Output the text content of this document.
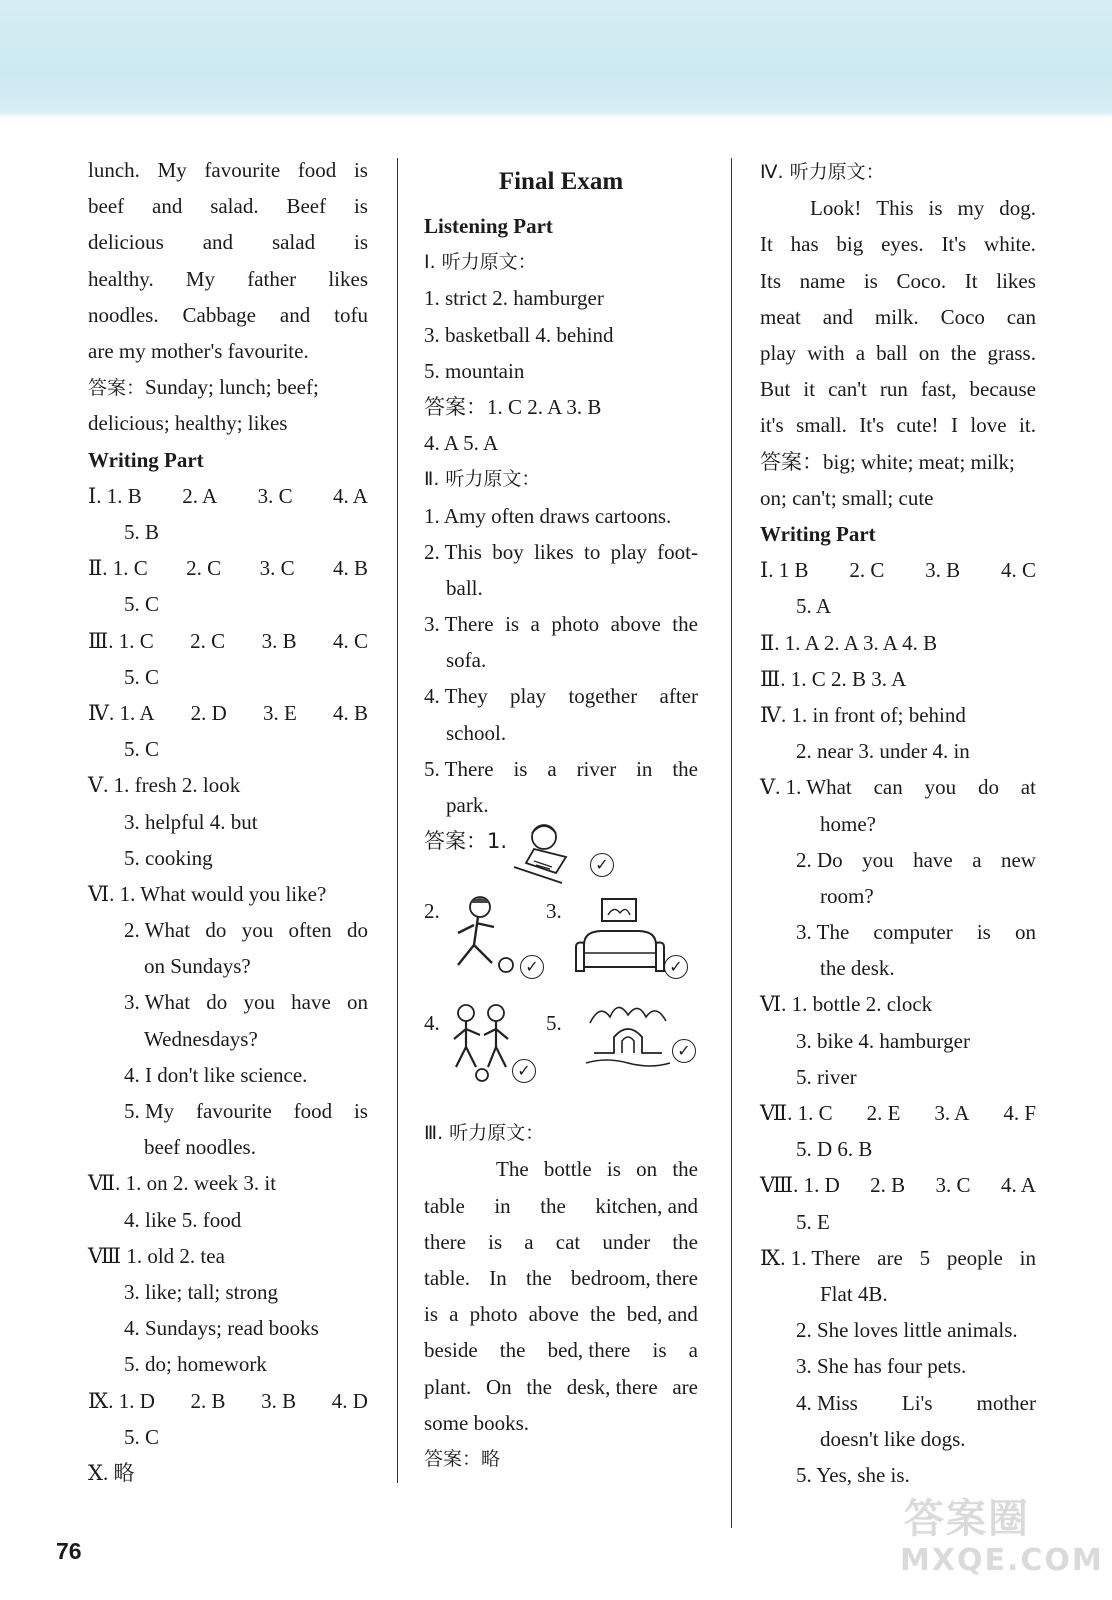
lunch. My favourite food is
beef and salad. Beef is
delicious and salad is
healthy. My father likes
noodles. Cabbage and tofu
are my mother's favourite.
答案：Sunday; lunch; beef;
delicious; healthy; likes
Writing Part
Ⅰ. 1. B 2. A 3. C 4. A
5. B
Ⅱ. 1. C 2. C 3. C 4. B
5. C
Ⅲ. 1. C 2. C 3. B 4. C
5. C
Ⅳ. 1. A 2. D 3. E 4. B
5. C
Ⅴ. 1. fresh 2. look
3. helpful 4. but
5. cooking
Ⅵ. 1. What would you like?
2. What do you often do
on Sundays?
3. What do you have on
Wednesdays?
4. I don't like science.
5. My favourite food is
beef noodles.
Ⅶ. 1. on 2. week 3. it
4. like 5. food
Ⅷ 1. old 2. tea
3. like; tall; strong
4. Sundays; read books
5. do; homework
Ⅸ. 1. D 2. B 3. B 4. D
5. C
Ⅹ. 略
Final Exam
Listening Part
Ⅰ. 听力原文：
1. strict 2. hamburger
3. basketball 4. behind
5. mountain
答案：1. C 2. A 3. B
4. A 5. A
Ⅱ. 听力原文：
1. Amy often draws cartoons.
2. This boy likes to play foot-
ball.
3. There is a photo above the
sofa.
4. They play together after
school.
5. There is a river in the
park.
答案：1.
✓
2.
✓
3.
✓
4.
✓
5.
✓
Ⅲ. 听力原文：
The bottle is on the
table in the kitchen, and
there is a cat under the
table. In the bedroom, there
is a photo above the bed, and
beside the bed, there is a
plant. On the desk, there are
some books.
答案：略
Ⅳ. 听力原文：
Look! This is my dog.
It has big eyes. It's white.
Its name is Coco. It likes
meat and milk. Coco can
play with a ball on the grass.
But it can't run fast, because
it's small. It's cute! I love it.
答案：big; white; meat; milk;
on; can't; small; cute
Writing Part
Ⅰ. 1 B 2. C 3. B 4. C
5. A
Ⅱ. 1. A 2. A 3. A 4. B
Ⅲ. 1. C 2. B 3. A
Ⅳ. 1. in front of; behind
2. near 3. under 4. in
Ⅴ. 1. What can you do at
home?
2. Do you have a new
room?
3. The computer is on
the desk.
Ⅵ. 1. bottle 2. clock
3. bike 4. hamburger
5. river
Ⅶ. 1. C 2. E 3. A 4. F
5. D 6. B
Ⅷ. 1. D 2. B 3. C 4. A
5. E
Ⅸ. 1. There are 5 people in
Flat 4B.
2. She loves little animals.
3. She has four pets.
4. Miss Li's mother
doesn't like dogs.
5. Yes, she is.
76
答案圈
MXQE.COM
